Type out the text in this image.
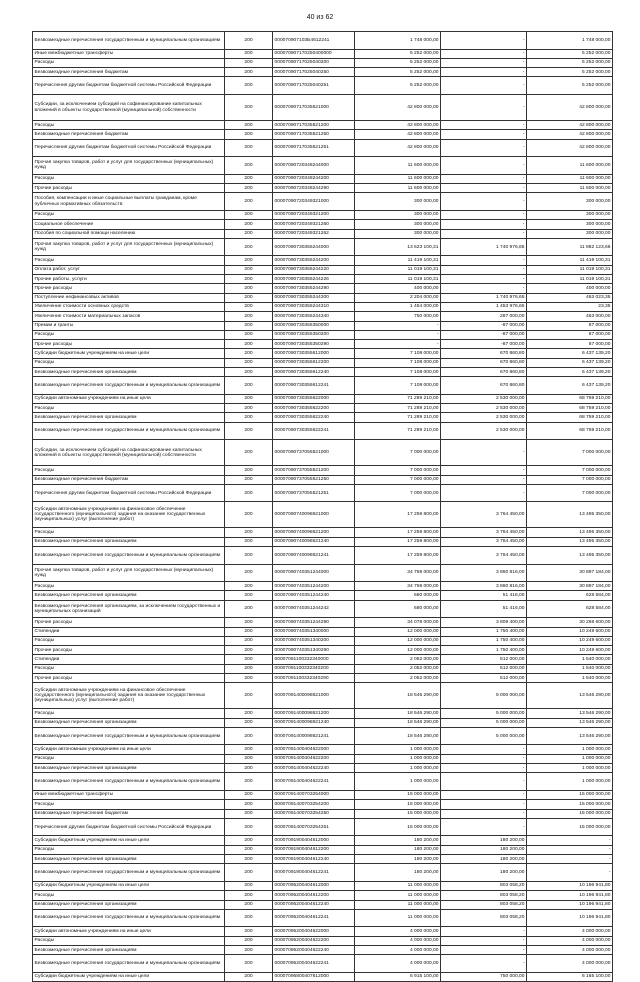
40 из 62
Безвозмездные перечисления государственным и муниципальным организациям	200	000070907103Б4612241	1 748 000,00	-	1 748 000,00
Иные межбюджетные трансферты	200	000070907170250400000	5 252 000,00	-	5 252 000,00
Расходы	200	00007090717025040200	5 252 000,00	-	5 252 000,00
Безвозмездные перечисления бюджетам	200	00007090717025040250	5 252 000,00	-	5 252 000,00
Перечисления другим бюджетам бюджетной системы Российской Федерации	200	00007090717025040251	5 252 000,00	-	5 252 000,00
Субсидии, за исключением субсидий на софинансирование капитальных вложений в объекты государственной (муниципальной) собственности	200	00007090717035521000	42 800 000,00	-	42 800 000,00
Расходы	200	00007090717035521200	42 800 000,00	-	42 800 000,00
Безвозмездные перечисления бюджетам	200	00007090717035521250	42 800 000,00	-	42 800 000,00
Перечисления другим бюджетам бюджетной системы Российской Федерации	200	00007090717035521251	42 800 000,00	-	42 800 000,00
Прочая закупка товаров, работ и услуг для государственных (муниципальных) нужд	200	00007090720348244000	11 600 000,00	-	11 600 000,00
Расходы	200	00007090720348244200	11 600 000,00	-	11 600 000,00
Прочие расходы	200	00007090720348244290	11 600 000,00	-	11 600 000,00
Пособия, компенсации и иные социальные выплаты гражданам, кроме публичных нормативных обязательств	200	00007090720349321000	300 000,00	-	300 000,00
Расходы	200	00007090720349321200	300 000,00	-	300 000,00
Социальное обеспечение	200	00007090720349321260	300 000,00	-	300 000,00
Пособия по социальной помощи населению	200	00007090720349321262	300 000,00	-	300 000,00
Прочая закупка товаров, работ и услуг для государственных (муниципальных) нужд	200	00007090730355244000	13 623 100,31	1 740 976,65	11 882 123,66
Расходы	200	00007090730355244200	11 419 100,31	-	11 419 100,31
Оплата работ, услуг	200	00007090730355244220	11 019 100,31	-	11 019 100,31
Прочие работы, услуги	200	00007090730355244226	11 019 100,31	-	11 019 100,31
Прочие расходы	200	00007090730355244290	400 000,00	-	400 000,00
Поступление нефинансовых активов	200	00007090730355244300	2 204 000,00	1 740 976,65	463 023,35
Увеличение стоимости основных средств	200	00007090730355244310	1 454 000,00	1 453 976,65	23,35
Увеличение стоимости материальных запасов	200	00007090730355244340	750 000,00	287 000,00	463 000,00
Премии и гранты	200	00007090730355350000	-	-87 000,00	87 000,00
Расходы	200	00007090730355350200	-	-87 000,00	87 000,00
Прочие расходы	200	00007090730355350290	-	-87 000,00	87 000,00
Субсидии бюджетным учреждениям на иные цели	200	00007090730355612000	7 108 000,00	670 860,80	6 437 139,20
Расходы	200	00007090730355612200	7 108 000,00	670 860,80	6 437 139,20
Безвозмездные перечисления организациям	200	00007090730355612240	7 108 000,00	670 860,80	6 437 139,20
Безвозмездные перечисления государственным и муниципальным организациям	200	00007090730355612241	7 108 000,00	670 860,80	6 437 139,20
Субсидии автономным учреждениям на иные цели	200	00007090730355622000	71 289 210,00	2 530 000,00	68 759 210,00
Расходы	200	00007090730355622200	71 289 210,00	2 530 000,00	68 759 210,00
Безвозмездные перечисления организациям	200	00007090730355622240	71 289 210,00	2 530 000,00	68 759 210,00
Безвозмездные перечисления государственным и муниципальным организациям	200	00007090730355622241	71 289 210,00	2 530 000,00	68 759 210,00
Субсидии, за исключением субсидий на софинансирование капитальных вложений в объекты государственной (муниципальной) собственности	200	00007090737055521000	7 000 000,00	-	7 000 000,00
Расходы	200	00007090737055521200	7 000 000,00	-	7 000 000,00
Безвозмездные перечисления бюджетам	200	00007090737055521250	7 000 000,00	-	7 000 000,00
Перечисления другим бюджетам бюджетной системы Российской Федерации	200	00007090737055521251	7 000 000,00	-	7 000 000,00
Субсидии автономным учреждениям на финансовое обеспечение государственного (муниципального) задания на оказание государственных (муниципальных) услуг (выполнение работ)	200	00007090740098621000	17 259 800,00	3 764 450,00	13 495 350,00
Расходы	200	00007090740098621200	17 259 800,00	3 764 450,00	13 495 350,00
Безвозмездные перечисления организациям	200	00007090740098621240	17 259 800,00	3 764 450,00	13 495 350,00
Безвозмездные перечисления государственным и муниципальным организациям	200	00007090740098621241	17 259 800,00	3 764 450,00	13 495 350,00
Прочая закупка товаров, работ и услуг для государственных (муниципальных) нужд	200	00007090740351244000	34 758 000,00	3 860 816,00	30 897 184,00
Расходы	200	00007090740351244200	34 758 000,00	3 860 816,00	30 897 184,00
Безвозмездные перечисления организациям	200	00007090740351244240	680 000,00	51 416,00	628 584,00
Безвозмездные перечисления организациям, за исключением государственных и муниципальных организаций	200	00007090740351244242	680 000,00	51 416,00	628 584,00
Прочие расходы	200	00007090740351244290	34 078 000,00	3 809 400,00	30 268 600,00
Стипендии	200	00007090740351340000	12 000 000,00	1 750 400,00	10 249 600,00
Расходы	200	00007090740351340200	12 000 000,00	1 750 400,00	10 249 600,00
Прочие расходы	200	00007090740351340290	12 000 000,00	1 750 400,00	10 249 600,00
Стипендии	200	00007091100332340000	2 052 000,00	512 000,00	1 540 000,00
Расходы	200	00007091100332340200	2 052 000,00	512 000,00	1 540 000,00
Прочие расходы	200	00007091100332340290	2 052 000,00	512 000,00	1 540 000,00
Субсидии автономным учреждениям на финансовое обеспечение государственного (муниципального) задания на оказание государственных (муниципальных) услуг (выполнение работ)	200	00007091400098621000	18 546 290,00	5 000 000,00	13 546 290,00
Расходы	200	00007091400098621200	18 546 290,00	5 000 000,00	13 546 290,00
Безвозмездные перечисления организациям	200	00007091400098621240	18 546 290,00	5 000 000,00	13 546 290,00
Безвозмездные перечисления государственным и муниципальным организациям	200	00007091400098621241	18 546 290,00	5 000 000,00	13 546 290,00
Субсидии автономным учреждениям на иные цели	200	00007091400404622000	1 000 000,00	-	1 000 000,00
Расходы	200	00007091400404622200	1 000 000,00	-	1 000 000,00
Безвозмездные перечисления организациям	200	00007091400404622240	1 000 000,00	-	1 000 000,00
Безвозмездные перечисления государственным и муниципальным организациям	200	00007091400404622241	1 000 000,00	-	1 000 000,00
Иные межбюджетные трансферты	200	00007091400703254000	15 000 000,00	-	15 000 000,00
Расходы	200	00007091400703254200	15 000 000,00	-	15 000 000,00
Безвозмездные перечисления бюджетам	200	00007091400703254250	15 000 000,00	-	15 000 000,00
Перечисления другим бюджетам бюджетной системы Российской Федерации	200	00007091400703254251	15 000 000,00	-	15 000 000,00
Субсидии бюджетным учреждениям на иные цели	200	00007091900404612000	180 200,00	180 200,00	-
Расходы	200	00007091900404612200	180 200,00	180 200,00	-
Безвозмездные перечисления организациям	200	00007091900404612240	180 200,00	180 200,00	-
Безвозмездные перечисления государственным и муниципальным организациям	200	00007091900404612241	180 200,00	180 200,00	-
Субсидии бюджетным учреждениям на иные цели	200	00007095200404612000	11 000 000,00	803 058,20	10 196 941,80
Расходы	200	00007095200404612200	11 000 000,00	803 058,20	10 196 941,80
Безвозмездные перечисления организациям	200	00007095200404612240	11 000 000,00	803 058,20	10 196 941,80
Безвозмездные перечисления государственным и муниципальным организациям	200	00007095200404612241	11 000 000,00	803 058,20	10 196 941,80
Субсидии автономным учреждениям на иные цели	200	00007095200404622000	4 000 000,00	-	4 000 000,00
Расходы	200	00007095200404622200	4 000 000,00	-	4 000 000,00
Безвозмездные перечисления организациям	200	00007095200404622240	4 000 000,00	-	4 000 000,00
Безвозмездные перечисления государственным и муниципальным организациям	200	00007095200404622241	4 000 000,00	-	4 000 000,00
Субсидии бюджетным учреждениям на иные цели	200	00007096800407612000	6 915 100,00	750 000,00	6 165 100,00
